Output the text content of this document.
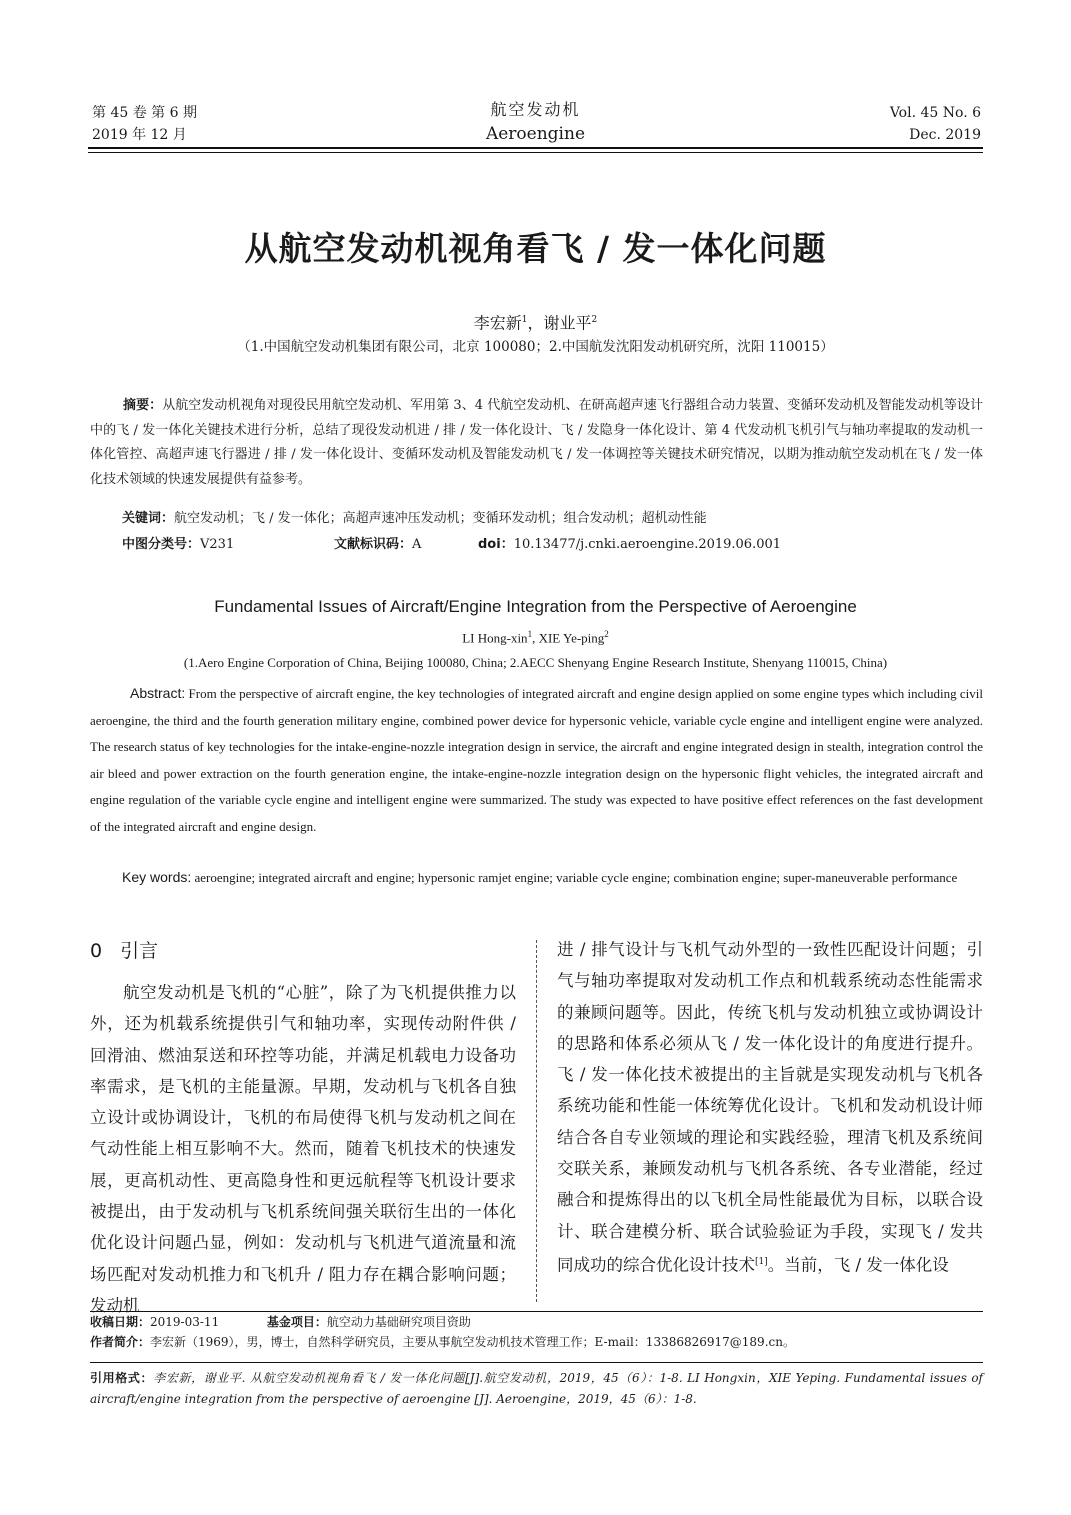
第 45 卷 第 6 期
2019 年 12 月
航空发动机
Aeroengine
Vol. 45 No. 6
Dec. 2019
从航空发动机视角看飞 / 发一体化问题
李宏新$^1$，谢业平$^2$
（1.中国航空发动机集团有限公司，北京 100080；2.中国航发沈阳发动机研究所，沈阳 110015）
摘要：从航空发动机视角对现役民用航空发动机、军用第 3、4 代航空发动机、在研高超声速飞行器组合动力装置、变循环发动机及智能发动机等设计中的飞 / 发一体化关键技术进行分析，总结了现役发动机进 / 排 / 发一体化设计、飞 / 发隐身一体化设计、第 4 代发动机飞机引气与轴功率提取的发动机一体化管控、高超声速飞行器进 / 排 / 发一体化设计、变循环发动机及智能发动机飞 / 发一体调控等关键技术研究情况，以期为推动航空发动机在飞 / 发一体化技术领域的快速发展提供有益参考。
关键词：航空发动机；飞 / 发一体化；高超声速冲压发动机；变循环发动机；组合发动机；超机动性能
中图分类号：V231	文献标识码：A	doi：10.13477/j.cnki.aeroengine.2019.06.001
Fundamental Issues of Aircraft/Engine Integration from the Perspective of Aeroengine
LI Hong-xin$^1$, XIE Ye-ping$^2$
(1.Aero Engine Corporation of China, Beijing 100080, China; 2.AECC Shenyang Engine Research Institute, Shenyang 110015, China)
Abstract: From the perspective of aircraft engine, the key technologies of integrated aircraft and engine design applied on some engine types which including civil aeroengine, the third and the fourth generation military engine, combined power device for hypersonic vehicle, variable cycle engine and intelligent engine were analyzed. The research status of key technologies for the intake-engine-nozzle integration design in service, the aircraft and engine integrated design in stealth, integration control the air bleed and power extraction on the fourth generation engine, the intake-engine-nozzle integration design on the hypersonic flight vehicles, the integrated aircraft and engine regulation of the variable cycle engine and intelligent engine were summarized. The study was expected to have positive effect references on the fast development of the integrated aircraft and engine design.
Key words: aeroengine; integrated aircraft and engine; hypersonic ramjet engine; variable cycle engine; combination engine; super-maneuverable performance
0 引言
航空发动机是飞机的“心脏”，除了为飞机提供推力以外，还为机载系统提供引气和轴功率，实现传动附件供 / 回滑油、燃油泵送和环控等功能，并满足机载电力设备功率需求，是飞机的主能量源。早期，发动机与飞机各自独立设计或协调设计，飞机的布局使得飞机与发动机之间在气动性能上相互影响不大。然而，随着飞机技术的快速发展，更高机动性、更高隐身性和更远航程等飞机设计要求被提出，由于发动机与飞机系统间强关联衍生出的一体化优化设计问题凸显，例如：发动机与飞机进气道流量和流场匹配对发动机推力和飞机升 / 阻力存在耦合影响问题；发动机
进 / 排气设计与飞机气动外型的一致性匹配设计问题；引气与轴功率提取对发动机工作点和机载系统动态性能需求的兼顾问题等。因此，传统飞机与发动机独立或协调设计的思路和体系必须从飞 / 发一体化设计的角度进行提升。飞 / 发一体化技术被提出的主旨就是实现发动机与飞机各系统功能和性能一体统筹优化设计。飞机和发动机设计师结合各自专业领域的理论和实践经验，理清飞机及系统间交联关系，兼顾发动机与飞机各系统、各专业潜能，经过融合和提炼得出的以飞机全局性能最优为目标，以联合设计、联合建模分析、联合试验验证为手段，实现飞 / 发共同成功的综合优化设计技术[1]。当前，飞 / 发一体化设
收稿日期：2019-03-11	基金项目：航空动力基础研究项目资助
作者简介：李宏新（1969），男，博士，自然科学研究员，主要从事航空发动机技术管理工作；E-mail：13386826917@189.cn。
引用格式：李宏新，谢业平. 从航空发动机视角看飞 / 发一体化问题[J].航空发动机，2019，45（6）：1-8. LI Hongxin，XIE Yeping. Fundamental issues of aircraft/engine integration from the perspective of aeroengine [J]. Aeroengine，2019，45（6）：1-8.
